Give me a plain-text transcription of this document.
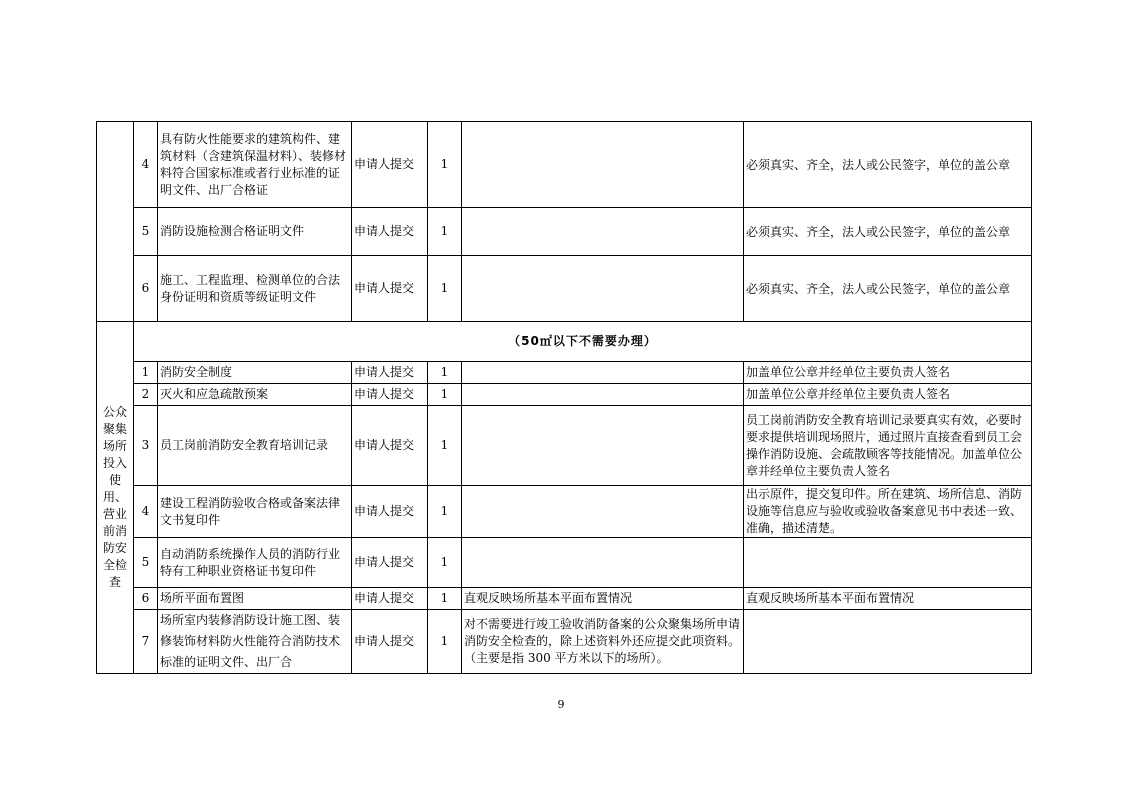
	4	具有防火性能要求的建筑构件、建筑材料（含建筑保温材料）、装修材料符合国家标准或者行业标准的证明文件、出厂合格证	申请人提交	1		必须真实、齐全，法人或公民签字，单位的盖公章
	5	消防设施检测合格证明文件	申请人提交	1		必须真实、齐全，法人或公民签字，单位的盖公章
	6	施工、工程监理、检测单位的合法身份证明和资质等级证明文件	申请人提交	1		必须真实、齐全，法人或公民签字，单位的盖公章
公众聚集场所投入使用、营业前消防安全检查	（50㎡以下不需要办理）					
	1	消防安全制度	申请人提交	1		加盖单位公章并经单位主要负责人签名
	2	灭火和应急疏散预案	申请人提交	1		加盖单位公章并经单位主要负责人签名
	3	员工岗前消防安全教育培训记录	申请人提交	1		员工岗前消防安全教育培训记录要真实有效，必要时要求提供培训现场照片，通过照片直接查看到员工会操作消防设施、会疏散顾客等技能情况。加盖单位公章并经单位主要负责人签名
	4	建设工程消防验收合格或备案法律文书复印件	申请人提交	1		出示原件，提交复印件。所在建筑、场所信息、消防设施等信息应与验收或验收备案意见书中表述一致、准确，描述清楚。
	5	自动消防系统操作人员的消防行业特有工种职业资格证书复印件	申请人提交	1		
	6	场所平面布置图	申请人提交	1	直观反映场所基本平面布置情况	直观反映场所基本平面布置情况
	7	场所室内装修消防设计施工图、装修装饰材料防火性能符合消防技术标准的证明文件、出厂合	申请人提交	1	对不需要进行竣工验收消防备案的公众聚集场所申请消防安全检查的，除上述资料外还应提交此项资料。（主要是指 300 平方米以下的场所）。	
9
